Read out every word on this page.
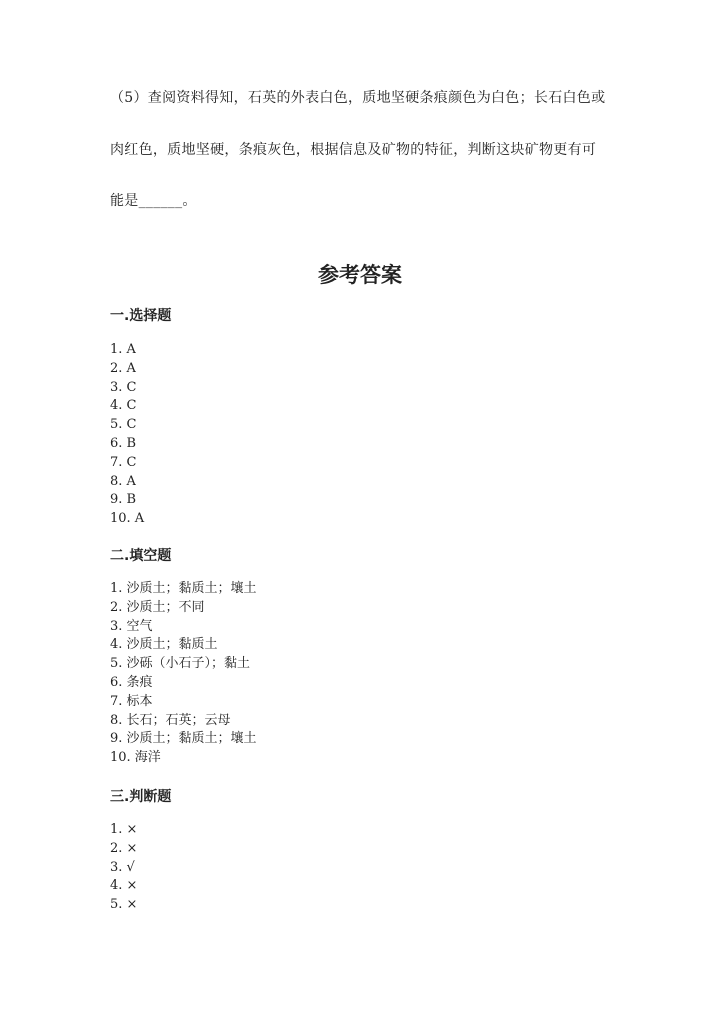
（5）查阅资料得知，石英的外表白色，质地坚硬条痕颜色为白色；长石白色或
肉红色，质地坚硬，条痕灰色，根据信息及矿物的特征，判断这块矿物更有可
能是______。
参考答案
一.选择题
1. A
2. A
3. C
4. C
5. C
6. B
7. C
8. A
9. B
10. A
二.填空题
1. 沙质土；黏质土；壤土
2. 沙质土；不同
3. 空气
4. 沙质土；黏质土
5. 沙砾（小石子）；黏土
6. 条痕
7. 标本
8. 长石；石英；云母
9. 沙质土；黏质土；壤土
10. 海洋
三.判断题
1. ×
2. ×
3. √
4. ×
5. ×
